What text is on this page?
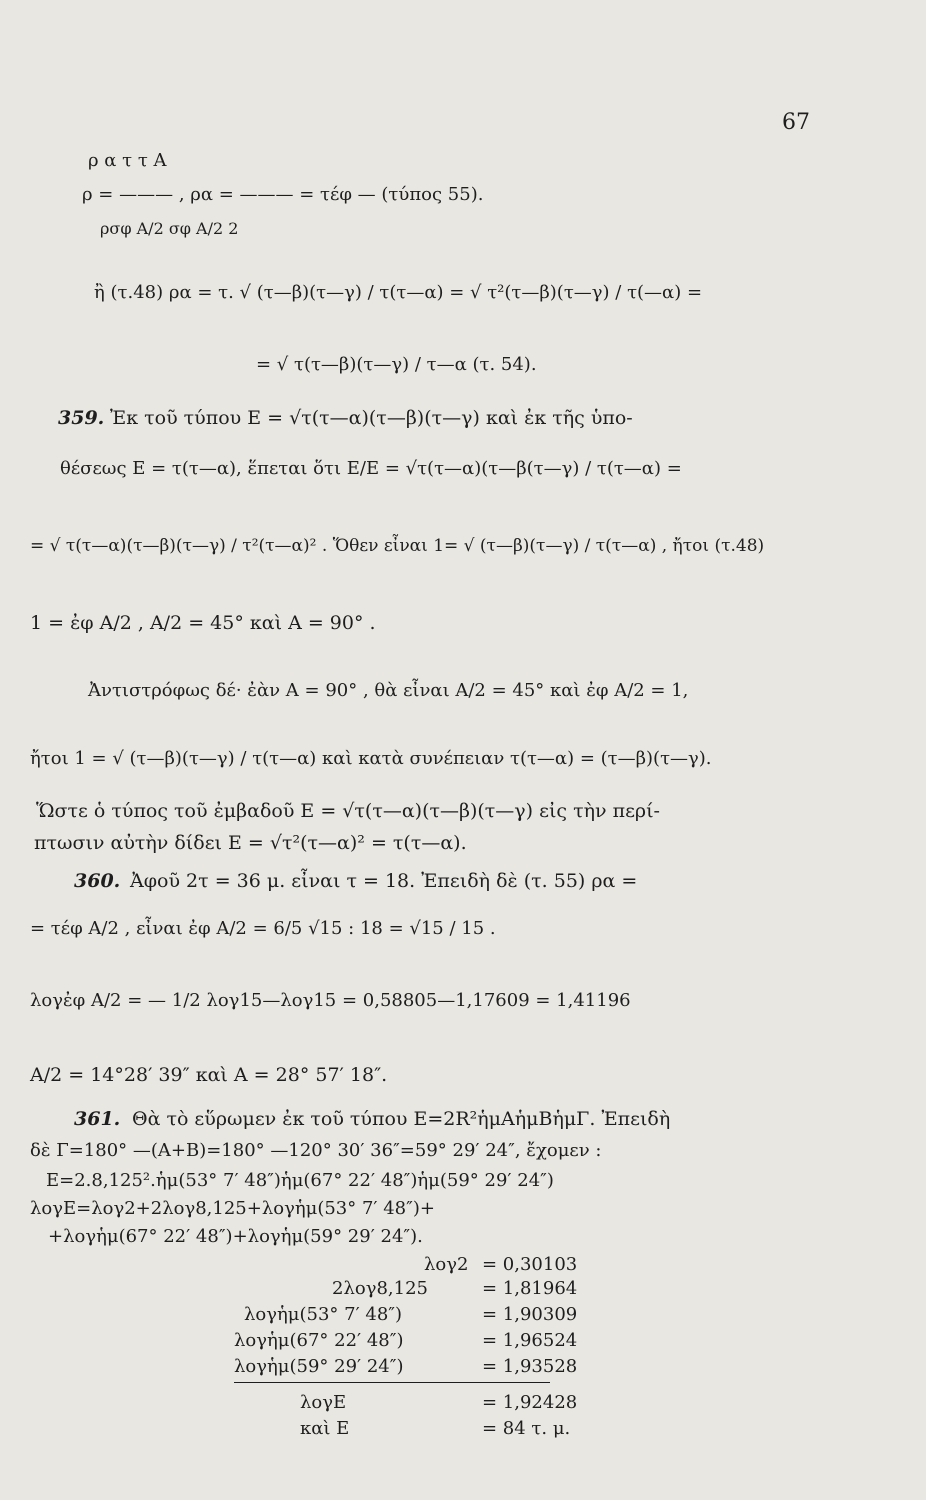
67
ρ α τ τ Α
ρ = ——— , ρα = ——— = τέφ — (τύπος 55).
ρσφ Α/2 σφ Α/2 2
ἢ (τ.48) ρα = τ. √ (τ—β)(τ—γ) / τ(τ—α) = √ τ²(τ—β)(τ—γ) / τ(—α) =
= √ τ(τ—β)(τ—γ) / τ—α (τ. 54).
359. Ἐκ τοῦ τύπου Ε = √τ(τ—α)(τ—β)(τ—γ) καὶ ἐκ τῆς ὑπο-
θέσεως Ε = τ(τ—α), ἕπεται ὅτι Ε/Ε = √τ(τ—α)(τ—β(τ—γ) / τ(τ—α) =
= √ τ(τ—α)(τ—β)(τ—γ) / τ²(τ—α)² . Ὅθεν εἶναι 1= √ (τ—β)(τ—γ) / τ(τ—α) , ἤτοι (τ.48)
1 = ἐφ Α/2 , Α/2 = 45° καὶ Α = 90° .
Ἀντιστρόφως δέ· ἐὰν Α = 90° , θὰ εἶναι Α/2 = 45° καὶ ἐφ Α/2 = 1,
ἤτοι 1 = √ (τ—β)(τ—γ) / τ(τ—α) καὶ κατὰ συνέπειαν τ(τ—α) = (τ—β)(τ—γ).
Ὥστε ὁ τύπος τοῦ ἐμβαδοῦ Ε = √τ(τ—α)(τ—β)(τ—γ) εἰς τὴν περί-
πτωσιν αὐτὴν δίδει Ε = √τ²(τ—α)² = τ(τ—α).
360. Ἀφοῦ 2τ = 36 μ. εἶναι τ = 18. Ἐπειδὴ δὲ (τ. 55) ρα =
= τέφ Α/2 , εἶναι ἐφ Α/2 = 6/5 √15 : 18 = √15 / 15 .
λογἐφ Α/2 = — 1/2 λογ15—λογ15 = 0,58805—1,17609 = 1,41196
Α/2 = 14°28′ 39″ καὶ Α = 28° 57′ 18″.
361. Θὰ τὸ εὕρωμεν ἐκ τοῦ τύπου Ε=2R²ἡμΑἡμΒἡμΓ. Ἐπειδὴ
δὲ Γ=180° —(Α+Β)=180° —120° 30′ 36″=59° 29′ 24″, ἔχομεν :
Ε=2.8,125².ἡμ(53° 7′ 48″)ἡμ(67° 22′ 48″)ἡμ(59° 29′ 24″)
λογΕ=λογ2+2λογ8,125+λογἡμ(53° 7′ 48″)+
+λογἡμ(67° 22′ 48″)+λογἡμ(59° 29′ 24″).
λογ2 = 0,30103
2λογ8,125	= 1,81964
λογἡμ(53° 7′ 48″)	= 1,90309
λογἡμ(67° 22′ 48″)	= 1,96524
λογἡμ(59° 29′ 24″)	= 1,93528
λογΕ	= 1,92428
καὶ Ε	= 84 τ. μ.
